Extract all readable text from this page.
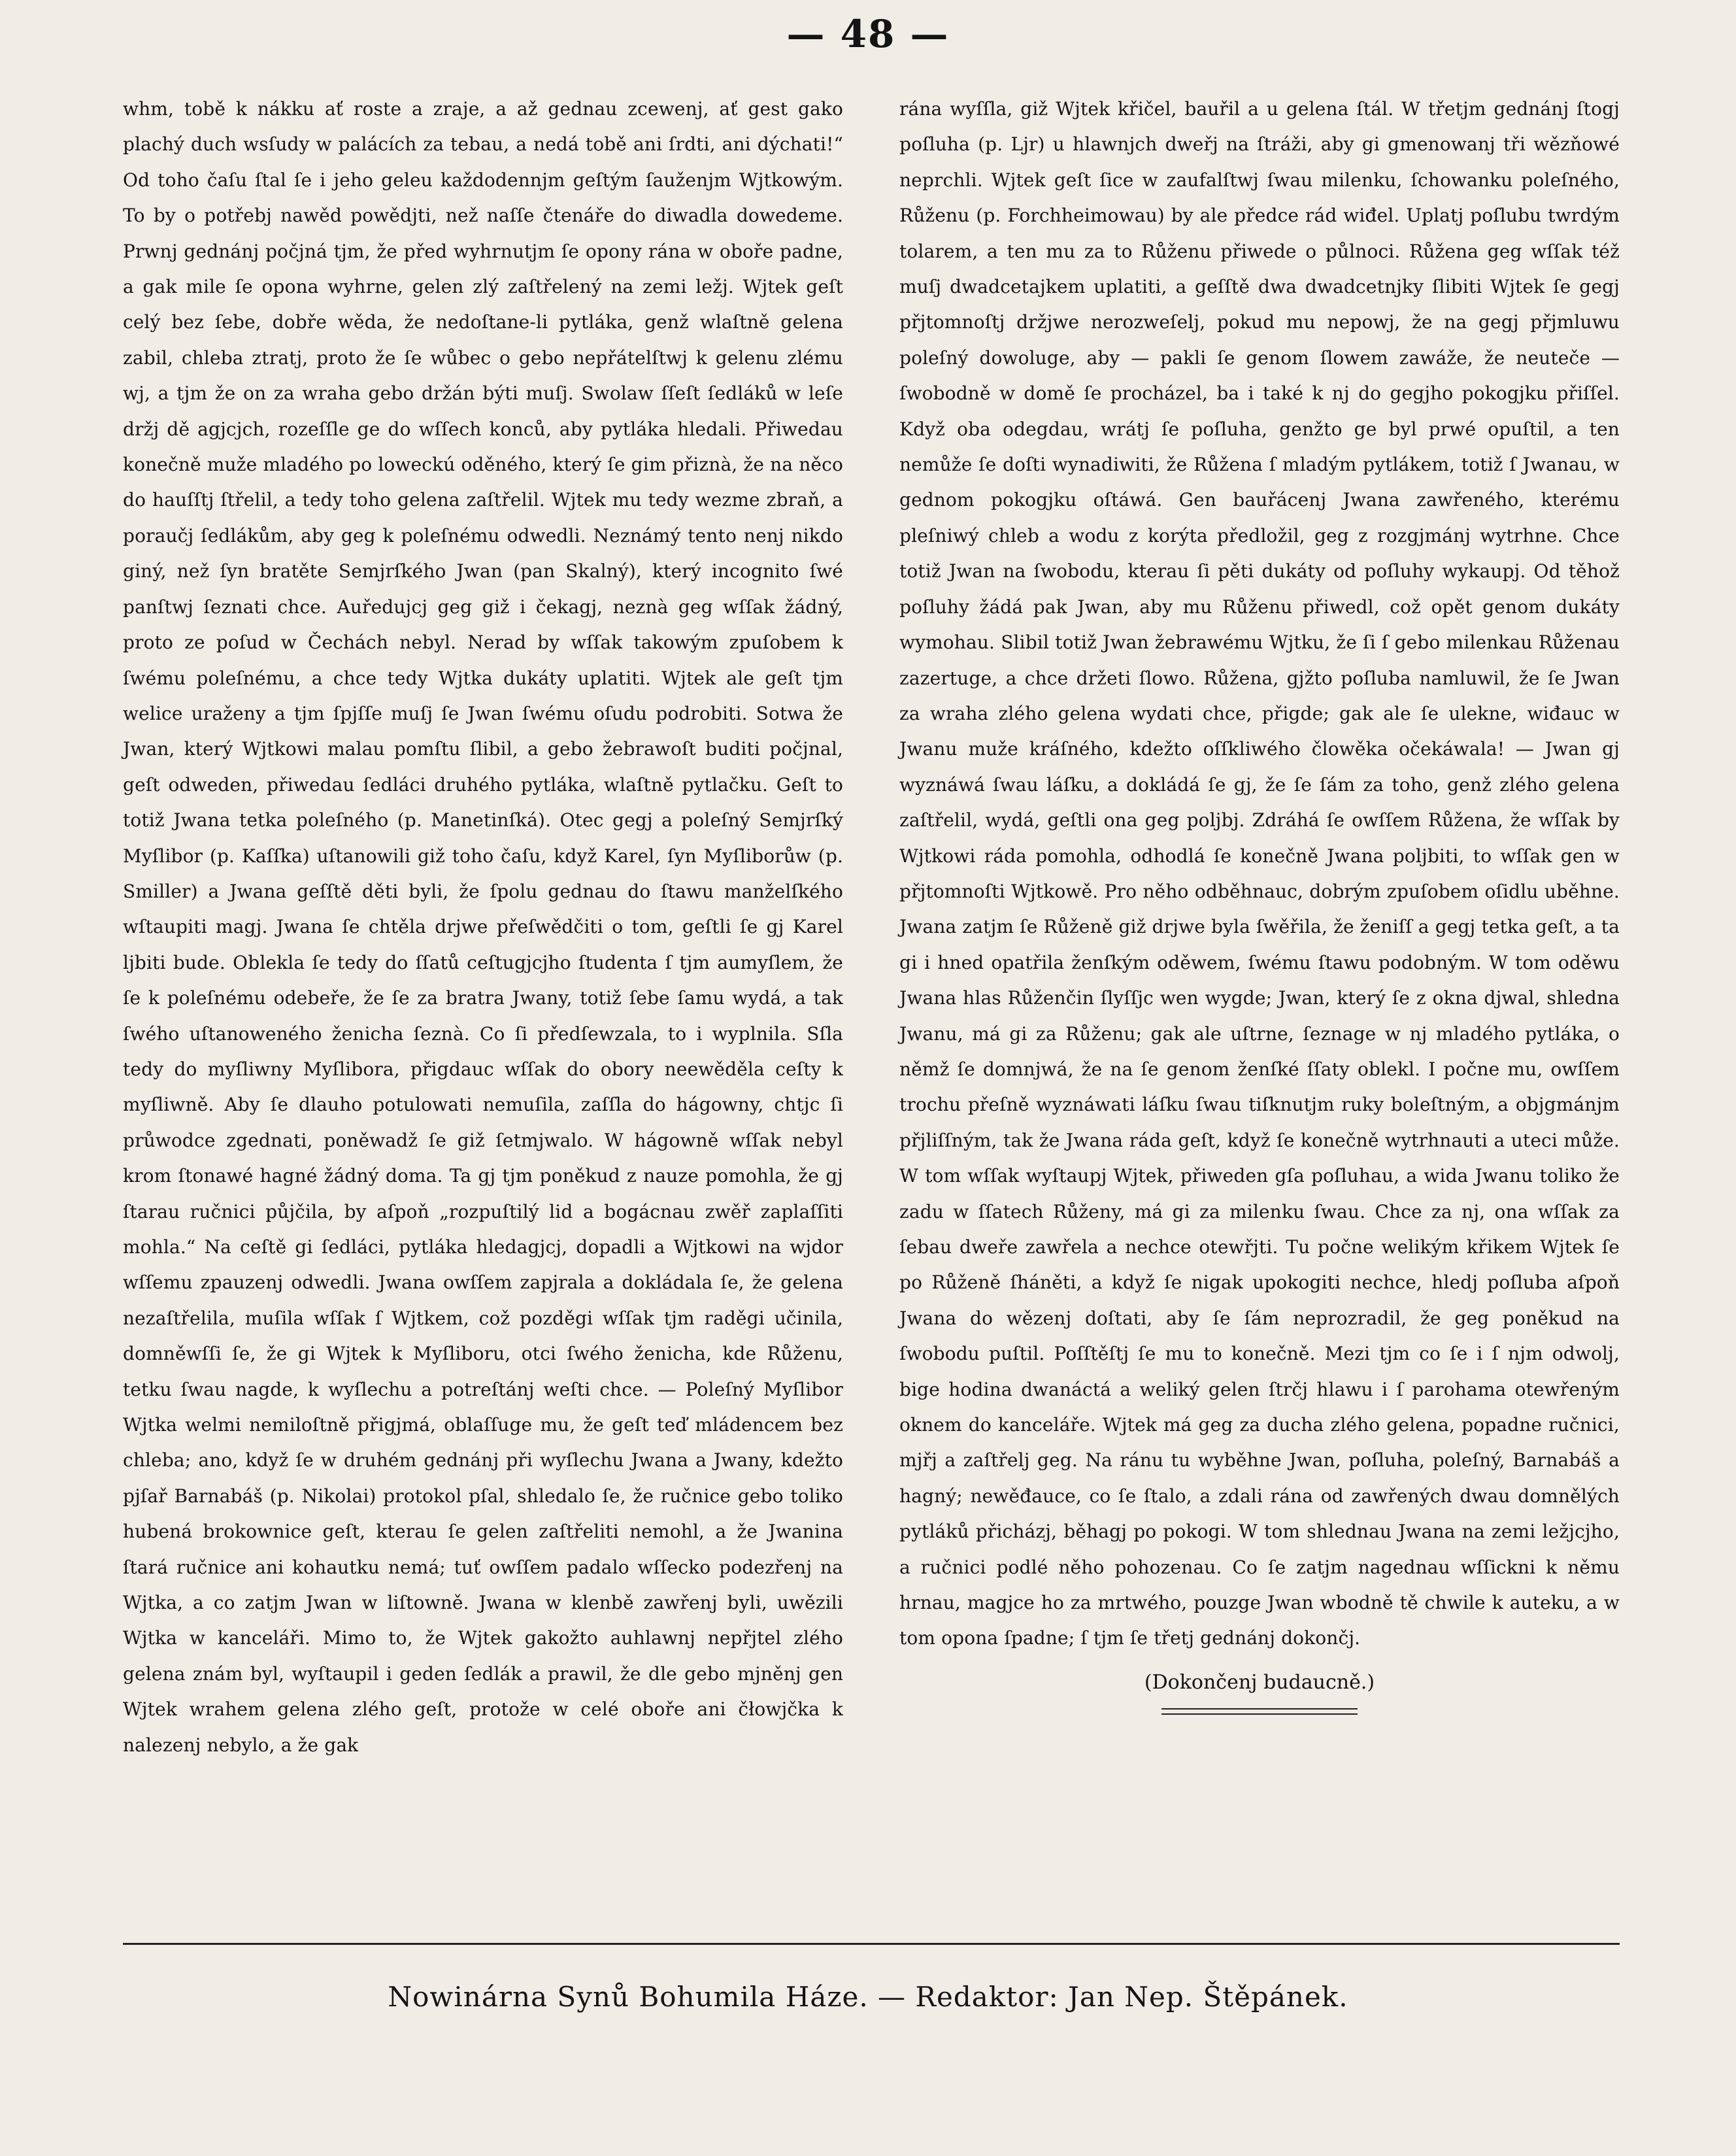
— 48 —

whm, tobě k nákku ať roste a zraje, a až gednau zcewenj, ať gest gako plachý duch wsſudy w palácích za tebau, a nedá tobě ani ſrdti, ani dýchati!“ Od toho čaſu ſtal ſe i jeho geleu každodennjm geſtým ſauženjm Wjtkowým. To by o potřebj nawěd powědjti, než naſſe čtenáře do diwadla dowedeme. Prwnj gednánj počjná tjm, že před wyhrnutjm ſe opony rána w oboře padne, a gak mile ſe opona wyhrne, gelen zlý zaſtřelený na zemi ležj. Wjtek geſt celý bez ſebe, dobře wěda, že nedoſtane-li pytláka, genž wlaſtně gelena zabil, chleba ztratj, proto že ſe wůbec o gebo nepřátelſtwj k gelenu zlému wj, a tjm že on za wraha gebo držán býti muſj. Swolaw ſſeſt ſedláků w leſe držj dě agjcjch, rozeſſle ge do wſſech konců, aby pytláka hledali. Přiwedau konečně muže mladého po loweckú oděného, který ſe gim přiznà, že na něco do hauſſtj ſtřelil, a tedy toho gelena zaſtřelil. Wjtek mu tedy wezme zbraň, a poraučj ſedlákům, aby geg k poleſnému odwedli. Neznámý tento nenj nikdo giný, než ſyn bratěte Semjrſkého Jwan (pan Skalný), který incognito ſwé panſtwj ſeznati chce. Auředujcj geg giž i čekagj, neznà geg wſſak žádný, proto ze poſud w Čechách nebyl. Nerad by wſſak takowým zpuſobem k ſwému poleſnému, a chce tedy Wjtka dukáty uplatiti. Wjtek ale geſt tjm welice uraženy a tjm ſpjſſe muſj ſe Jwan ſwému oſudu podrobiti. Sotwa že Jwan, který Wjtkowi malau pomſtu ſlibil, a gebo žebrawoſt buditi počjnal, geſt odweden, přiwedau ſedláci druhého pytláka, wlaſtně pytlačku. Geſt to totiž Jwana tetka poleſného (p. Manetinſká). Otec gegj a poleſný Semjrſký Myſlibor (p. Kaſſka) uſtanowili giž toho čaſu, když Karel, ſyn Myſliborůw (p. Smiller) a Jwana geſſtě děti byli, že ſpolu gednau do ſtawu manželſkého wſtaupiti magj. Jwana ſe chtěla drjwe přeſwědčiti o tom, geſtli ſe gj Karel ljbiti bude. Oblekla ſe tedy do ſſatů ceſtugjcjho ſtudenta ſ tjm aumyſlem, že ſe k poleſnému odebeře, že ſe za bratra Jwany, totiž ſebe ſamu wydá, a tak ſwého uſtanoweného ženicha ſeznà. Co ſi předſewzala, to i wyplnila. Sſla tedy do myſliwny Myſliborа, přigdauc wſſak do obory neewěděla ceſty k myſliwně. Aby ſe dlauho potulowati nemuſila, zaſſla do hágowny, chtjc ſi průwodce zgednati, poněwadž ſe giž ſetmjwalo. W hágowně wſſak nebyl krom ſtonawé hagné žádný doma. Ta gj tjm poněkud z nauze pomohla, že gj ſtarau ručnici půjčila, by aſpoň „rozpuſtilý lid a bogácnau zwěř zaplaſſiti mohla.“ Na ceſtě gi ſedláci, pytláka hledagjcj, dopadli a Wjtkowi na wjdor wſſemu zpauzenj odwedli. Jwana owſſem zapjrala a dokládala ſe, že gelena nezaſtřelila, muſila wſſak ſ Wjtkem, což pozděgi wſſak tjm raděgi učinila, domněwſſi ſe, že gi Wjtek k Myſliboru, otci ſwého ženicha, kde Růženu, tetku ſwau nagde, k wyſlechu a potreſtánj weſti chce. — Poleſný Myſlibor Wjtka welmi nemiloſtně přigjmá, oblaſſuge mu, že geſt teď mládencem bez chleba; ano, když ſe w druhém gednánj při wyſlechu Jwana a Jwany, kdežto pjſař Barnabáš (p. Nikolai) protokol pſal, shledalo ſe, že ručnice gebo tolikо hubená brokownice geſt, kterau ſe gelen zaſtřeliti nemohl, a že Jwanina ſtará ručnice ani kohautku nemá; tuť owſſem padalo wſſecko podezřenj na Wjtka, a co zatjm Jwan w liſtowně. Jwana w klenbě zawřenj byli, uwězili Wjtka w kanceláři. Mimo to, že Wjtek gakožto auhlawnj nepřjtel zlého gelena znám byl, wyſtaupil i geden ſedlák a prawil, že dle gebo mjněnj gen Wjtek wrahem gelena zlého geſt, protože w celé oboře ani čłowjčka k nalezenj nebylo, a že gak

rána wyſſla, giž Wjtek křičel, bauřil a u gelena ſtál. W třetjm gednánj ſtogj poſluha (p. Ljr) u hlawnjch dweřj na ſtráži, aby gi gmenowanj tři wězňowé neprchli. Wjtek geſt ſice w zaufalſtwj ſwau milenku, ſchowanku poleſného, Růženu (p. Forchheimowau) by ale předce rád wiđel. Uplatj poſlubu twrdým tolarem, a ten mu za to Růženu přiwede o půlnoci. Růžena geg wſſak též muſj dwadcetajkem uplatiti, a geſſtě dwa dwadcetnjky ſlibiti Wjtek ſe gegj přjtomnoſtj držjwe nerozweſelj, pokud mu nepowj, že na gegj přjmluwu poleſný dowoluge, aby — pakli ſe genom ſlowem zawáže, že neuteče — ſwobodně w domě ſe procházel, ba i také k nj do gegjho pokogjku přiſſel. Když oba odegdau, wrátj ſe poſluha, genžto ge byl prwé opuſtil, a ten nemůže ſe doſti wynadiwiti, že Růžena ſ mladým pytlákem, totiž ſ Jwanau, w gednom pokogjku oſtáwá. Gen bauřácenj Jwana zawřeného, kterému pleſniwý chleb a wodu z korýta předložil, geg z rozgjmánj wytrhne. Chce totiž Jwan na ſwobodu, kterau ſi pěti dukáty od poſluhy wykaupj. Od těhož poſluhy žádá pak Jwan, aby mu Růženu přiwedl, což opět genom dukáty wymohau. Slibil totiž Jwan žebrawému Wjtku, že ſi ſ gebo milenkau Růženau zazertuge, a chce držeti ſlowo. Růžena, gjžto poſluba namluwil, že ſe Jwan za wraha zlého gelena wydati chce, přigde; gak ale ſe uleknе, wiđauc w Jwanu muže kráſného, kdežto oſſklіwého člowěka očekáwala! — Jwan gj wyznáwá ſwau láſku, a dokládá ſe gj, že ſe ſám za toho, genž zlého gelena zaſtřelil, wydá, geſtli ona geg poljbj. Zdráhá ſe owſſem Růžena, že wſſak by Wjtkowi ráda pomohla, odhodlá ſe konečně Jwana poljbiti, to wſſak gen w přjtomnoſti Wjtkowě. Pro něho odběhnauc, dobrým zpuſobem oſidlu uběhne. Jwana zatjm ſe Růženě giž drjwe byla ſwěřila, že ženiſſ a gegj tetka geſt, a ta gi i hned opatřila ženſkým oděwem, ſwému ſtawu podobným. W tom oděwu Jwana hlas Růženčin ſlyſſjc wen wygde; Jwan, který ſe z okna djwal, shledna Jwanu, má gi za Růženu; gak ale uſtrne, ſeznage w nj mladého pytláka, o němž ſe domnjwá, že na ſe genom ženſké ſſaty oblekl. I počne mu, owſſem trochu přeſně wyznáwati láſku ſwau tiſknutjm ruky boleſtným, a objgmánjm přjliſſným, tak že Jwana ráda geſt, když ſe konečně wytrhnauti a uteci může. W tom wſſak wyſtaupj Wjtek, přiweden gſa poſluhau, a wida Jwanu tolikо že zadu w ſſatech Růženy, má gi za milenku ſwau. Chce za nj, ona wſſak za ſebau dweře zawřela a nechce otewřjti. Tu počne welikým křikem Wjtek ſe po Růženě ſháněti, a když ſe nigak upokogiti nechce, hledj poſluba aſpoň Jwana do wězenj doſtati, aby ſe ſám neprozradil, že geg poněkud na ſwobodu puſtil. Poſſtěſtj ſe mu to konečně. Mezi tjm co ſe i ſ njm odwolj, bige hodina dwanáctá a weliký gelen ſtrčj hlawu i ſ parohama otewřeným oknem do kanceláře. Wjtek má geg za ducha zlého gelena, popadne ručnici, mjřj a zaſtřelj geg. Na ránu tu wyběhne Jwan, poſluha, poleſný, Barnabáš a hagný; newěđauce, co ſe ſtalo, a zdali rána od zawřených dwau domnělých pytláků přicházj, běhagj po pokogi. W tom shlednau Jwana na zemi ležjcjho, a ručnici podlé něho pohozenau. Co ſe zatjm nagednau wſſickni k němu hrnau, magjce ho za mrtwého, pouzge Jwan wbodně tě chwile k auteku, a w tom opona ſpadne; ſ tjm ſe třetj gednánj dokončj.

(Dokončenj budaucně.)
Nowinárna Synů Bohumila Háze. — Redaktor: Jan Nep. Štěpánek.
